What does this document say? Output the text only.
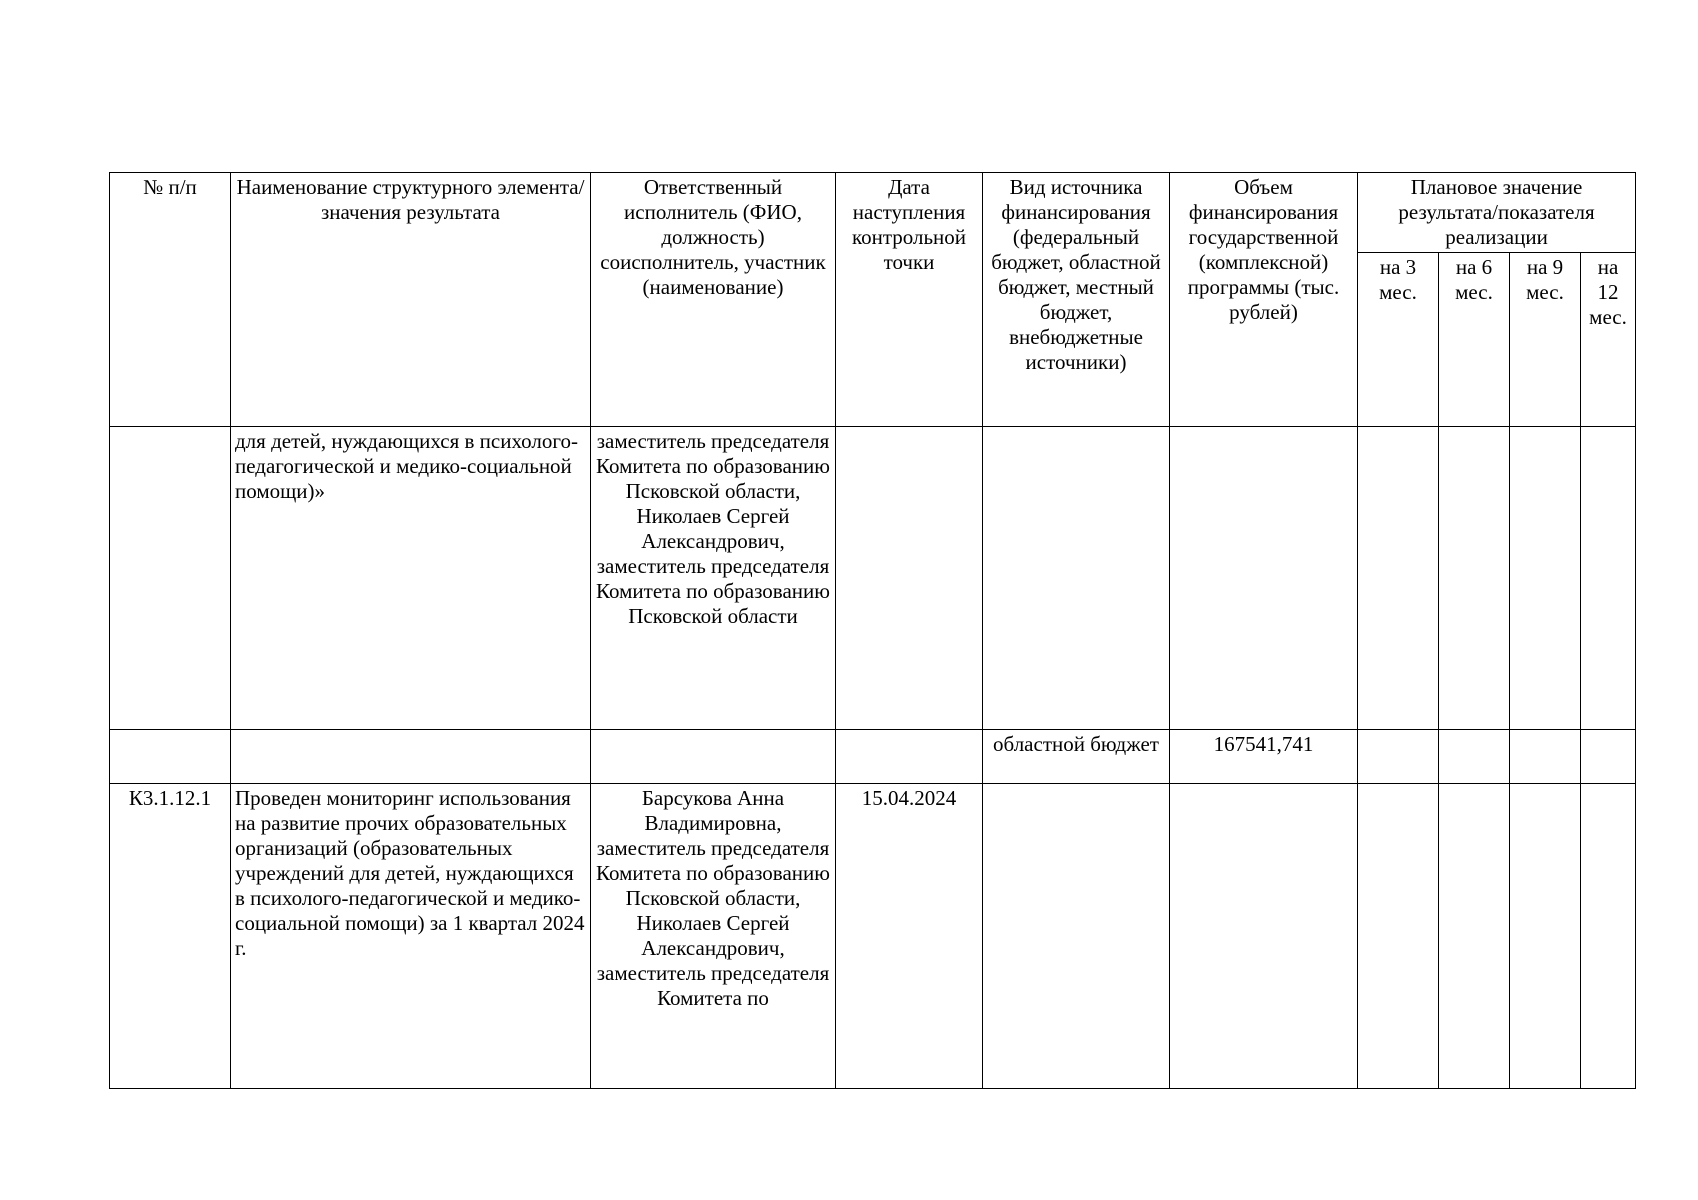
№ п/п	Наименование структурного элемента/ значения результата	Ответственный исполнитель (ФИО, должность) соисполнитель, участник (наименование)	Дата наступления контрольной точки	Вид источника финансирования (федеральный бюджет, областной бюджет, местный бюджет, внебюджетные источники)	Объем финансирования государственной (комплексной) программы (тыс. рублей)	Плановое значение результата/показателя реализации			
						на 3 мес.	на 6 мес.	на 9 мес.	на 12 мес.
	для детей, нуждающихся в психолого-педагогической и медико-социальной помощи)»	заместитель председателя Комитета по образованию Псковской области, Николаев Сергей Александрович, заместитель председателя Комитета по образованию Псковской области							
				областной бюджет	167541,741				
К3.1.12.1	Проведен мониторинг использования на развитие прочих образовательных организаций (образовательных учреждений для детей, нуждающихся в психолого-педагогической и медико-социальной помощи) за 1 квартал 2024 г.	Барсукова Анна Владимировна, заместитель председателя Комитета по образованию Псковской области, Николаев Сергей Александрович, заместитель председателя Комитета по	15.04.2024						
